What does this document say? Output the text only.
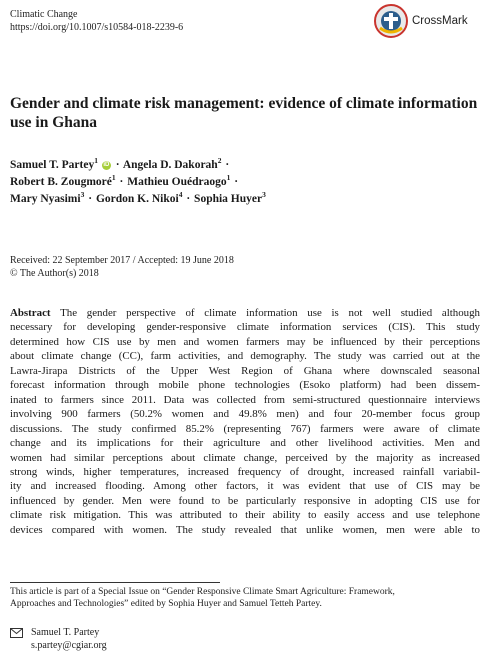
Climatic Change
https://doi.org/10.1007/s10584-018-2239-6
CrossMark
Gender and climate risk management: evidence of climate information use in Ghana
Samuel T. Partey$^1$ iD · Angela D. Dakorah$^2$ ·
Robert B. Zougmoré$^1$ · Mathieu Ouédraogo$^1$ ·
Mary Nyasimi$^3$ · Gordon K. Nikoi$^4$ · Sophia Huyer$^3$
Received: 22 September 2017 / Accepted: 19 June 2018
© The Author(s) 2018
Abstract The gender perspective of climate information use is not well studied although
necessary for developing gender-responsive climate information services (CIS). This study
determined how CIS use by men and women farmers may be influenced by their perceptions
about climate change (CC), farm activities, and demography. The study was carried out at the
Lawra-Jirapa Districts of the Upper West Region of Ghana where downscaled seasonal
forecast information through mobile phone technologies (Esoko platform) had been dissem-
inated to farmers since 2011. Data was collected from semi-structured questionnaire interviews
involving 900 farmers (50.2% women and 49.8% men) and four 20-member focus group
discussions. The study confirmed 85.2% (representing 767) farmers were aware of climate
change and its implications for their agriculture and other livelihood activities. Men and
women had similar perceptions about climate change, perceived by the majority as increased
strong winds, higher temperatures, increased frequency of drought, increased rainfall variabil-
ity and increased flooding. Among other factors, it was evident that use of CIS may be
influenced by gender. Men were found to be particularly responsive in adopting CIS use for
climate risk mitigation. This was attributed to their ability to easily access and use telephone
devices compared with women. The study revealed that unlike women, men were able to
This article is part of a Special Issue on “Gender Responsive Climate Smart Agriculture: Framework,
Approaches and Technologies” edited by Sophia Huyer and Samuel Tetteh Partey.
Samuel T. Partey
s.partey@cgiar.org
